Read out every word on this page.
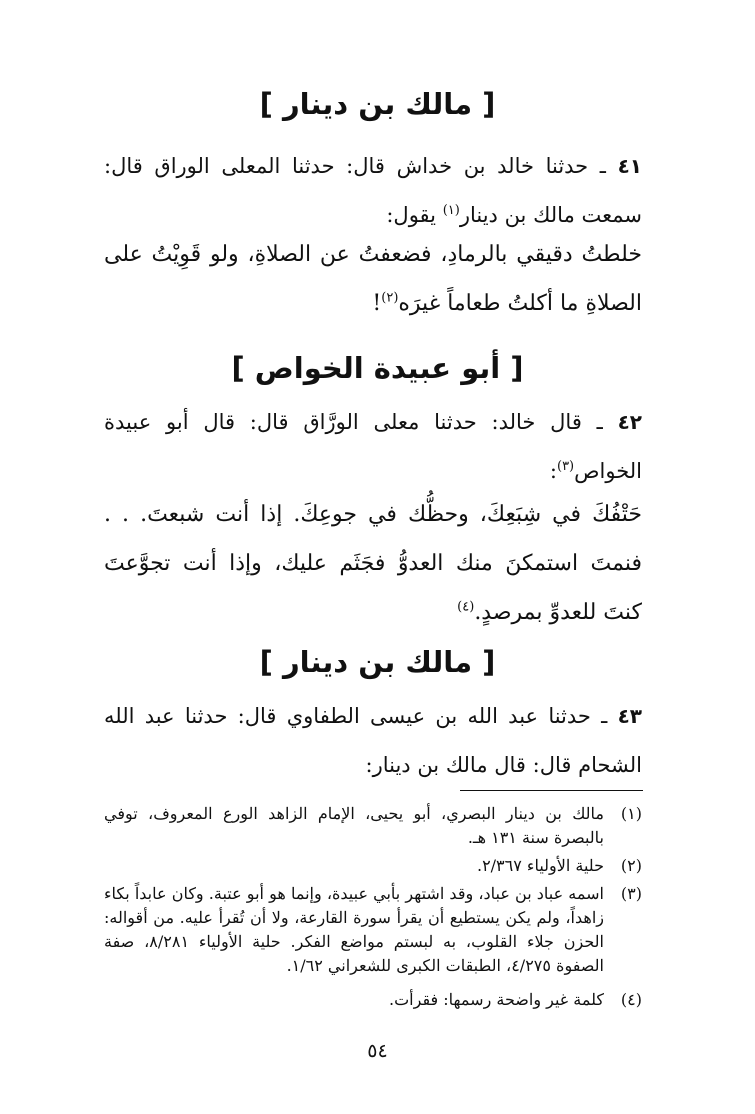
[ مالك بن دينار ]
٤١ ـ حدثنا خالد بن خداش قال: حدثنا المعلى الوراق قال: سمعت مالك بن دينار$^{(١)}$ يقول:
خلطتُ دقيقي بالرمادِ، فضعفتُ عن الصلاةِ، ولو قَوِيْتُ على الصلاةِ ما أكلتُ طعاماً غيرَه$^{(٢)}$!
[ أبو عبيدة الخواص ]
٤٢ ـ قال خالد: حدثنا معلى الورَّاق قال: قال أبو عبيدة الخواص$^{(٣)}$:
حَتْفُكَ في شِبَعِكَ، وحظُّك في جوعِكَ. إذا أنت شبعتَ. . . فنمتَ استمكنَ منك العدوُّ فجَثَم عليك، وإذا أنت تجوَّعتَ كنتَ للعدوِّ بمرصدٍ.$^{(٤)}$
[ مالك بن دينار ]
٤٣ ـ حدثنا عبد الله بن عيسى الطفاوي قال: حدثنا عبد الله الشحام قال: قال مالك بن دينار:
(١)
مالك بن دينار البصري، أبو يحيى، الإمام الزاهد الورع المعروف، توفي بالبصرة سنة ١٣١ هـ.
(٢)
حلية الأولياء ٢/٣٦٧.
(٣)
اسمه عباد بن عباد، وقد اشتهر بأبي عبيدة، وإنما هو أبو عتبة. وكان عابداً بكاء زاهداً، ولم يكن يستطيع أن يقرأ سورة القارعة، ولا أن تُقرأ عليه. من أقواله: الحزن جلاء القلوب، به لبستم مواضع الفكر. حلية الأولياء ٨/٢٨١، صفة الصفوة ٤/٢٧٥، الطبقات الكبرى للشعراني ١/٦٢.
(٤)
كلمة غير واضحة رسمها: فقرأت.
٥٤
